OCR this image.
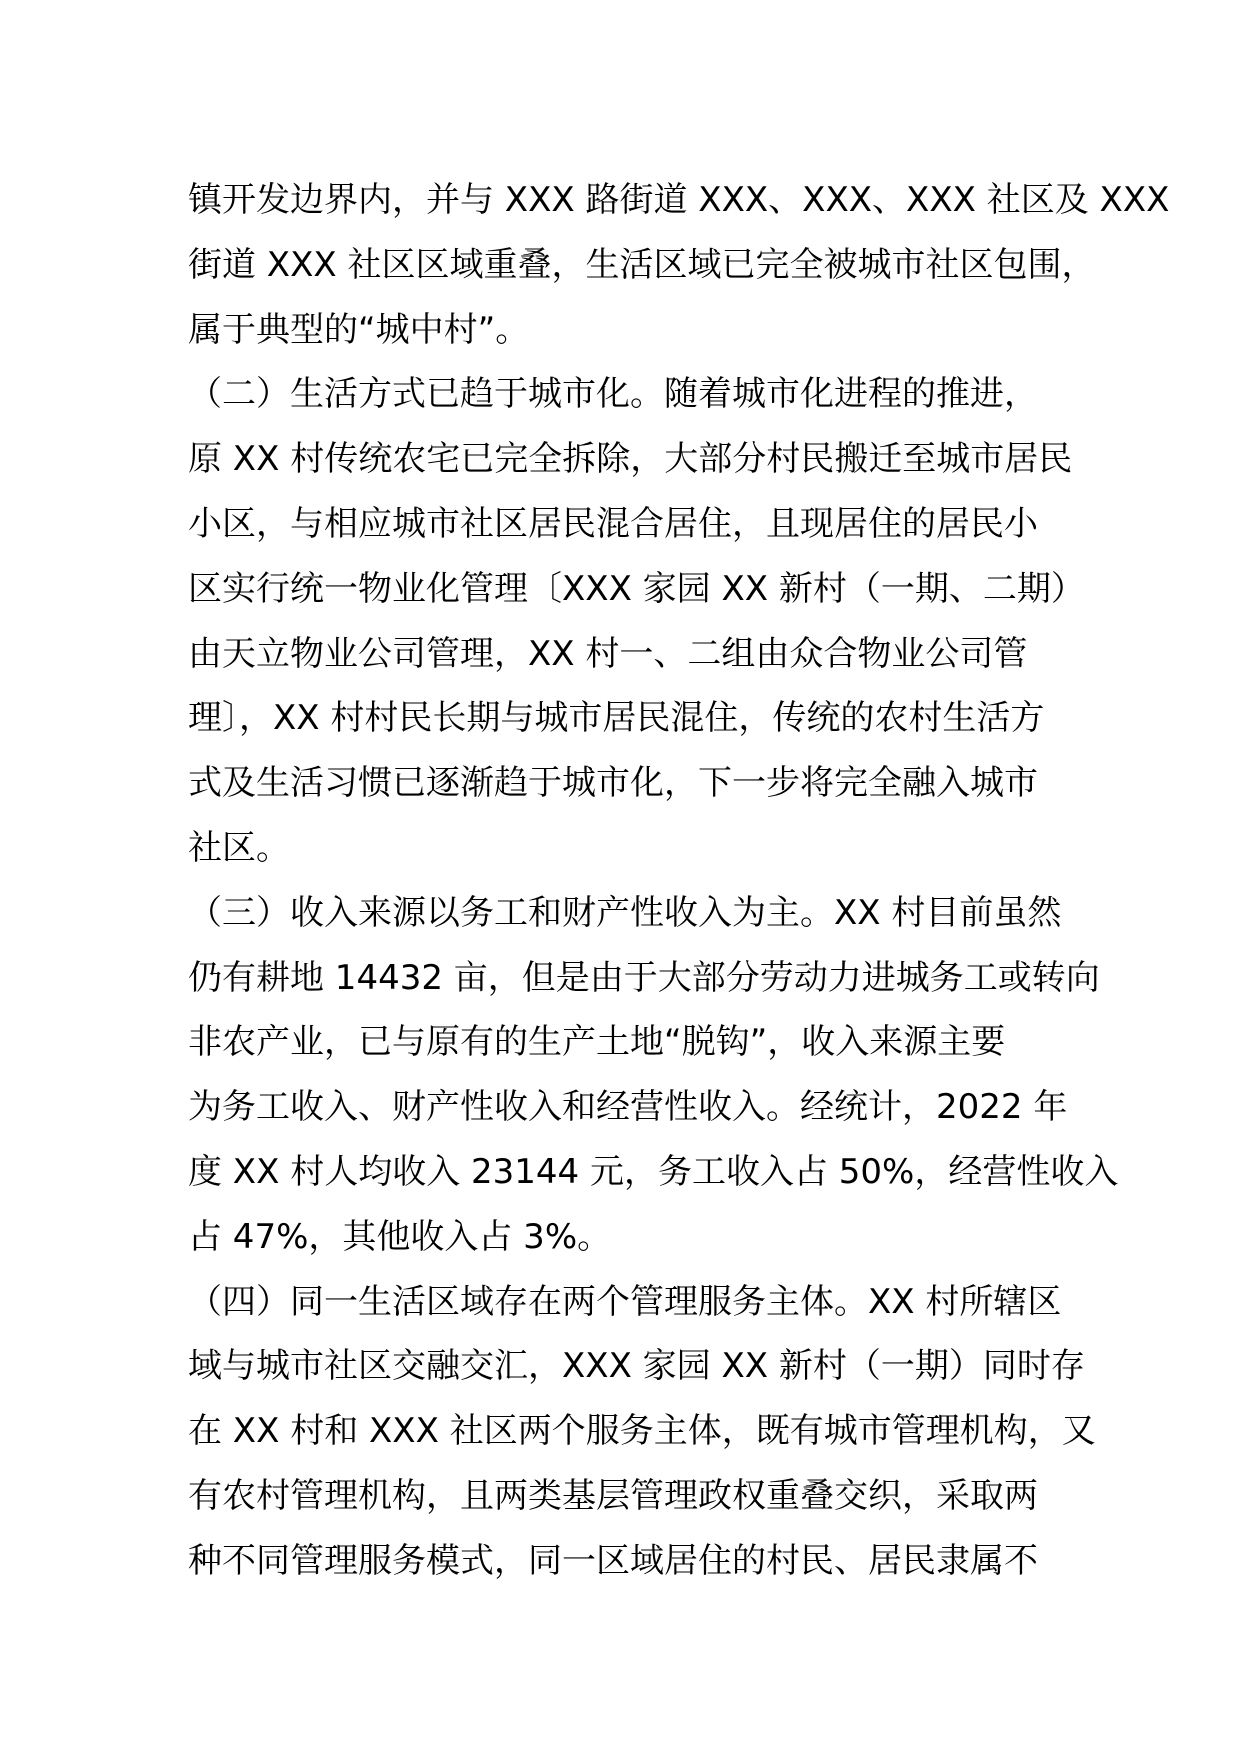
镇开发边界内，并与 XXX 路街道 XXX、XXX、XXX 社区及 XXX

街道 XXX 社区区域重叠，生活区域已完全被城市社区包围，

属于典型的“城中村”。

（二）生活方式已趋于城市化。随着城市化进程的推进，

原 XX 村传统农宅已完全拆除，大部分村民搬迁至城市居民

小区，与相应城市社区居民混合居住，且现居住的居民小

区实行统一物业化管理〔XXX 家园 XX 新村（一期、二期）

由天立物业公司管理，XX 村一、二组由众合物业公司管

理〕，XX 村村民长期与城市居民混住，传统的农村生活方

式及生活习惯已逐渐趋于城市化，下一步将完全融入城市

社区。

（三）收入来源以务工和财产性收入为主。XX 村目前虽然

仍有耕地 14432 亩，但是由于大部分劳动力进城务工或转向

非农产业，已与原有的生产土地“脱钩”，收入来源主要

为务工收入、财产性收入和经营性收入。经统计，2022 年

度 XX 村人均收入 23144 元，务工收入占 50%，经营性收入

占 47%，其他收入占 3%。

（四）同一生活区域存在两个管理服务主体。XX 村所辖区

域与城市社区交融交汇，XXX 家园 XX 新村（一期）同时存

在 XX 村和 XXX 社区两个服务主体，既有城市管理机构，又

有农村管理机构，且两类基层管理政权重叠交织，采取两

种不同管理服务模式，同一区域居住的村民、居民隶属不
